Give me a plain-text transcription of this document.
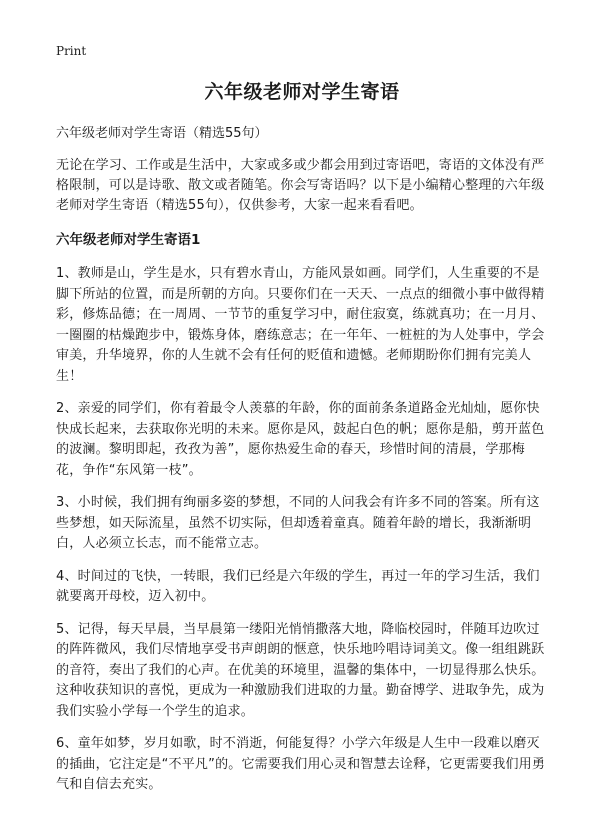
Print
六年级老师对学生寄语

六年级老师对学生寄语（精选55句）

无论在学习、工作或是生活中，大家或多或少都会用到过寄语吧，寄语的文体没有严格限制，可以是诗歌、散文或者随笔。你会写寄语吗？以下是小编精心整理的六年级老师对学生寄语（精选55句），仅供参考，大家一起来看看吧。

六年级老师对学生寄语1

1、教师是山，学生是水，只有碧水青山，方能风景如画。同学们，人生重要的不是脚下所站的位置，而是所朝的方向。只要你们在一天天、一点点的细微小事中做得精彩，修炼品德；在一周周、一节节的重复学习中，耐住寂寞，练就真功；在一月月、一圈圈的枯燥跑步中，锻炼身体，磨练意志；在一年年、一桩桩的为人处事中，学会审美，升华境界，你的人生就不会有任何的贬值和遗憾。老师期盼你们拥有完美人生！

2、亲爱的同学们，你有着最令人羡慕的年龄，你的面前条条道路金光灿灿，愿你快快成长起来，去获取你光明的未来。愿你是风，鼓起白色的帆；愿你是船，剪开蓝色的波澜。黎明即起，孜孜为善”，愿你热爱生命的春天，珍惜时间的清晨，学那梅花，争作“东风第一枝”。

3、小时候，我们拥有绚丽多姿的梦想，不同的人问我会有许多不同的答案。所有这些梦想，如天际流星，虽然不切实际，但却透着童真。随着年龄的增长，我渐渐明白，人必须立长志，而不能常立志。

4、时间过的飞快，一转眼，我们已经是六年级的学生，再过一年的学习生活，我们就要离开母校，迈入初中。

5、记得，每天早晨，当早晨第一缕阳光悄悄撒落大地，降临校园时，伴随耳边吹过的阵阵微风，我们尽情地享受书声朗朗的惬意，快乐地吟唱诗词美文。像一组组跳跃的音符，奏出了我们的心声。在优美的环境里，温馨的集体中，一切显得那么快乐。这种收获知识的喜悦，更成为一种激励我们进取的力量。勤奋博学、进取争先，成为我们实验小学每一个学生的追求。

6、童年如梦，岁月如歌，时不消逝，何能复得？小学六年级是人生中一段难以磨灭的插曲，它注定是“不平凡”的。它需要我们用心灵和智慧去诠释，它更需要我们用勇气和自信去充实。
